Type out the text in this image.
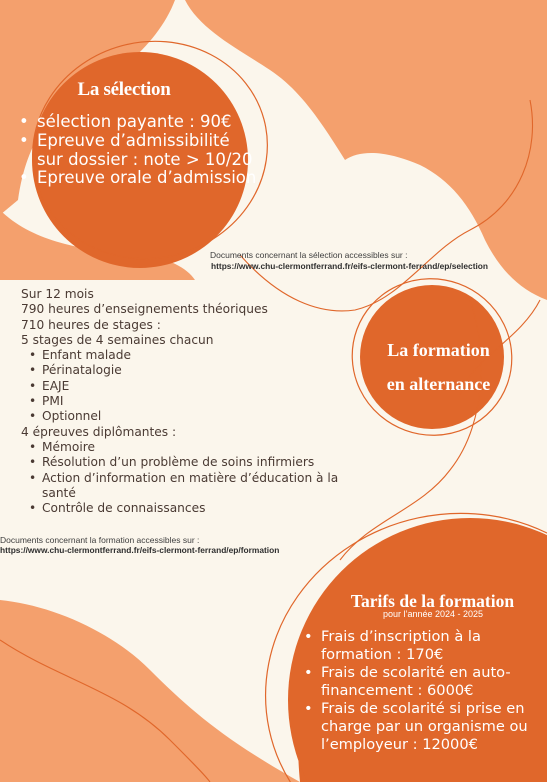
La sélection
• sélection payante : 90€
• Epreuve d’admissibilité sur dossier : note > 10/20
• Epreuve orale d’admission
Documents concernant la sélection accessibles sur :
https://www.chu-clermontferrand.fr/eifs-clermont-ferrand/ep/selection
La formation
en alternance
Sur 12 mois
790 heures d’enseignements théoriques
710 heures de stages :
5 stages de 4 semaines chacun
• Enfant malade
• Périnatalogie
• EAJE
• PMI
• Optionnel
4 épreuves diplômantes :
• Mémoire
• Résolution d’un problème de soins infirmiers
• Action d’information en matière d’éducation à la santé
• Contrôle de connaissances
Documents concernant la formation accessibles sur :
https://www.chu-clermontferrand.fr/eifs-clermont-ferrand/ep/formation
Tarifs de la formation
pour l’année 2024 - 2025
• Frais d’inscription à la formation : 170€
• Frais de scolarité en auto-financement : 6000€
• Frais de scolarité si prise en charge par un organisme ou l’employeur : 12000€
